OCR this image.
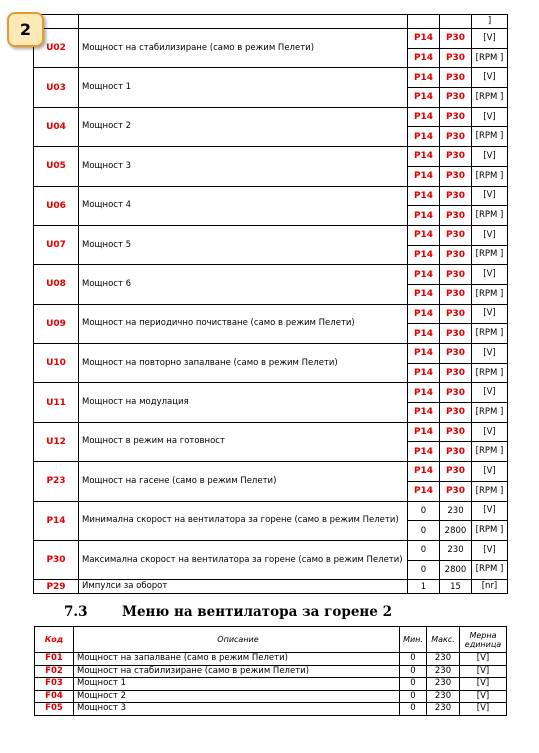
2
					]
U02	Мощност на стабилизиране (само в режим Пелети)	P14	P30	[V]
		P14	P30	[RPM ]
U03	Мощност 1	P14	P30	[V]
		P14	P30	[RPM ]
U04	Мощност 2	P14	P30	[V]
		P14	P30	[RPM ]
U05	Мощност 3	P14	P30	[V]
		P14	P30	[RPM ]
U06	Мощност 4	P14	P30	[V]
		P14	P30	[RPM ]
U07	Мощност 5	P14	P30	[V]
		P14	P30	[RPM ]
U08	Мощност 6	P14	P30	[V]
		P14	P30	[RPM ]
U09	Мощност на периодично почистване (само в режим Пелети)	P14	P30	[V]
		P14	P30	[RPM ]
U10	Мощност на повторно запалване (само в режим Пелети)	P14	P30	[V]
		P14	P30	[RPM ]
U11	Мощност на модулация	P14	P30	[V]
		P14	P30	[RPM ]
U12	Мощност в режим на готовност	P14	P30	[V]
		P14	P30	[RPM ]
P23	Мощност на гасене (само в режим Пелети)	P14	P30	[V]
		P14	P30	[RPM ]
P14	Минимална скорост на вентилатора за горене (само в режим Пелети)	0	230	[V]
		0	2800	[RPM ]
P30	Максимална скорост на вентилатора за горене (само в режим Пелети)	0	230	[V]
		0	2800	[RPM ]
P29	Импулси за оборот	1	15	[nr]
7.3	Меню на вентилатора за горене 2
Код	Описание	Мин.	Макс.	Мерна единица
F01	Мощност на запалване (само в режим Пелети)	0	230	[V]
F02	Мощност на стабилизиране (само в режим Пелети)	0	230	[V]
F03	Мощност 1	0	230	[V]
F04	Мощност 2	0	230	[V]
F05	Мощност 3	0	230	[V]
